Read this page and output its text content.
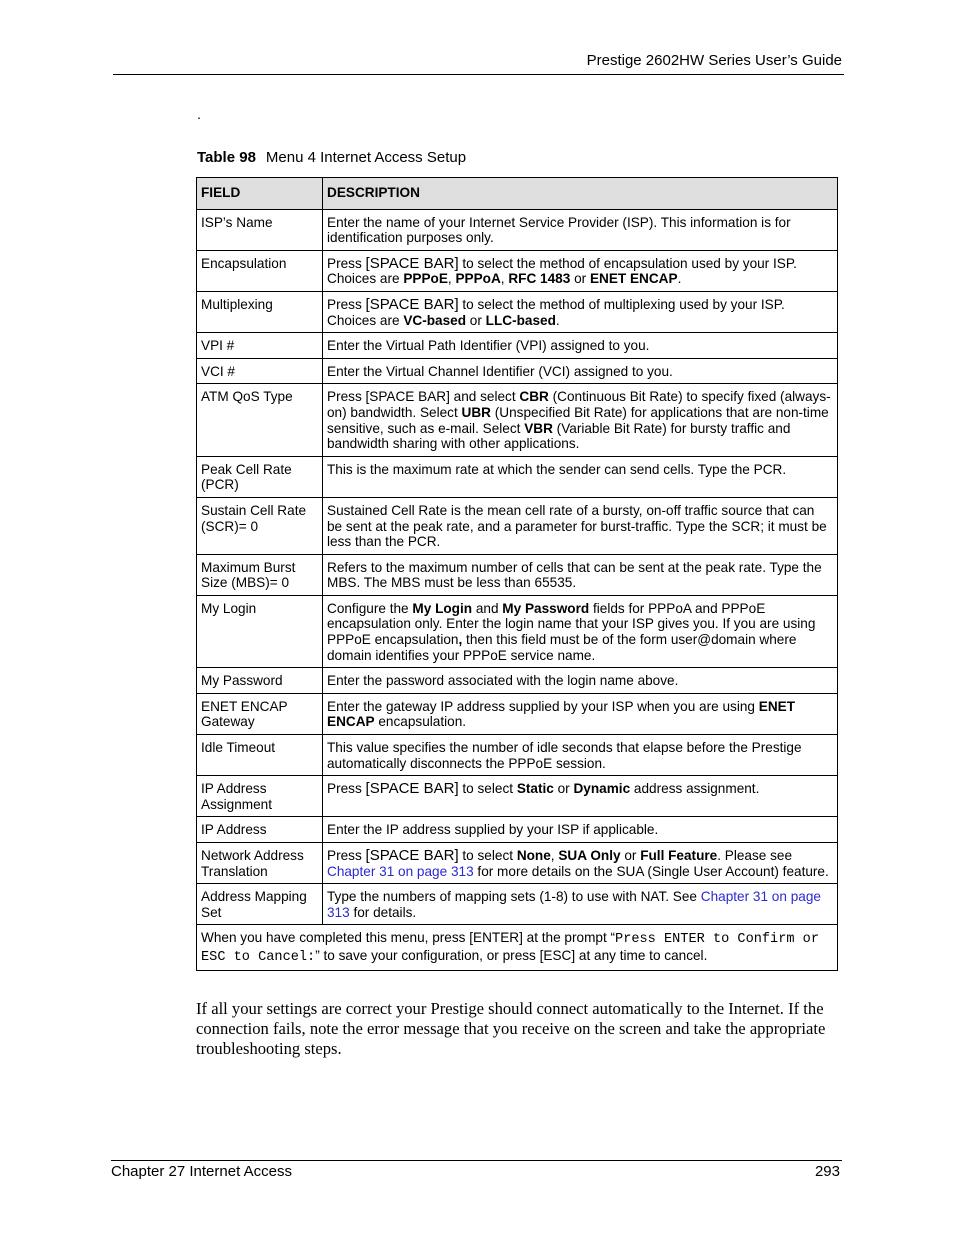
Prestige 2602HW Series User’s Guide
.
Table 98 Menu 4 Internet Access Setup
FIELD	DESCRIPTION
ISP’s Name	Enter the name of your Internet Service Provider (ISP). This information is for identification purposes only.
Encapsulation	Press [SPACE BAR] to select the method of encapsulation used by your ISP. Choices are PPPoE, PPPoA, RFC 1483 or ENET ENCAP.
Multiplexing	Press [SPACE BAR] to select the method of multiplexing used by your ISP. Choices are VC-based or LLC-based.
VPI #	Enter the Virtual Path Identifier (VPI) assigned to you.
VCI #	Enter the Virtual Channel Identifier (VCI) assigned to you.
ATM QoS Type	Press [SPACE BAR] and select CBR (Continuous Bit Rate) to specify fixed (always-on) bandwidth. Select UBR (Unspecified Bit Rate) for applications that are non-time sensitive, such as e-mail. Select VBR (Variable Bit Rate) for bursty traffic and bandwidth sharing with other applications.
Peak Cell Rate (PCR)	This is the maximum rate at which the sender can send cells. Type the PCR.
Sustain Cell Rate (SCR)= 0	Sustained Cell Rate is the mean cell rate of a bursty, on-off traffic source that can be sent at the peak rate, and a parameter for burst-traffic. Type the SCR; it must be less than the PCR.
Maximum Burst Size (MBS)= 0	Refers to the maximum number of cells that can be sent at the peak rate. Type the MBS. The MBS must be less than 65535.
My Login	Configure the My Login and My Password fields for PPPoA and PPPoE encapsulation only. Enter the login name that your ISP gives you. If you are using PPPoE encapsulation, then this field must be of the form user@domain where domain identifies your PPPoE service name.
My Password	Enter the password associated with the login name above.
ENET ENCAP Gateway	Enter the gateway IP address supplied by your ISP when you are using ENET ENCAP encapsulation.
Idle Timeout	This value specifies the number of idle seconds that elapse before the Prestige automatically disconnects the PPPoE session.
IP Address Assignment	Press [SPACE BAR] to select Static or Dynamic address assignment.
IP Address	Enter the IP address supplied by your ISP if applicable.
Network Address Translation	Press [SPACE BAR] to select None, SUA Only or Full Feature. Please see Chapter 31 on page 313 for more details on the SUA (Single User Account) feature.
Address Mapping Set	Type the numbers of mapping sets (1-8) to use with NAT. See Chapter 31 on page 313 for details.
When you have completed this menu, press [ENTER] at the prompt “Press ENTER to Confirm or ESC to Cancel:” to save your configuration, or press [ESC] at any time to cancel.	
If all your settings are correct your Prestige should connect automatically to the Internet. If the connection fails, note the error message that you receive on the screen and take the appropriate troubleshooting steps.
Chapter 27 Internet Access	293
